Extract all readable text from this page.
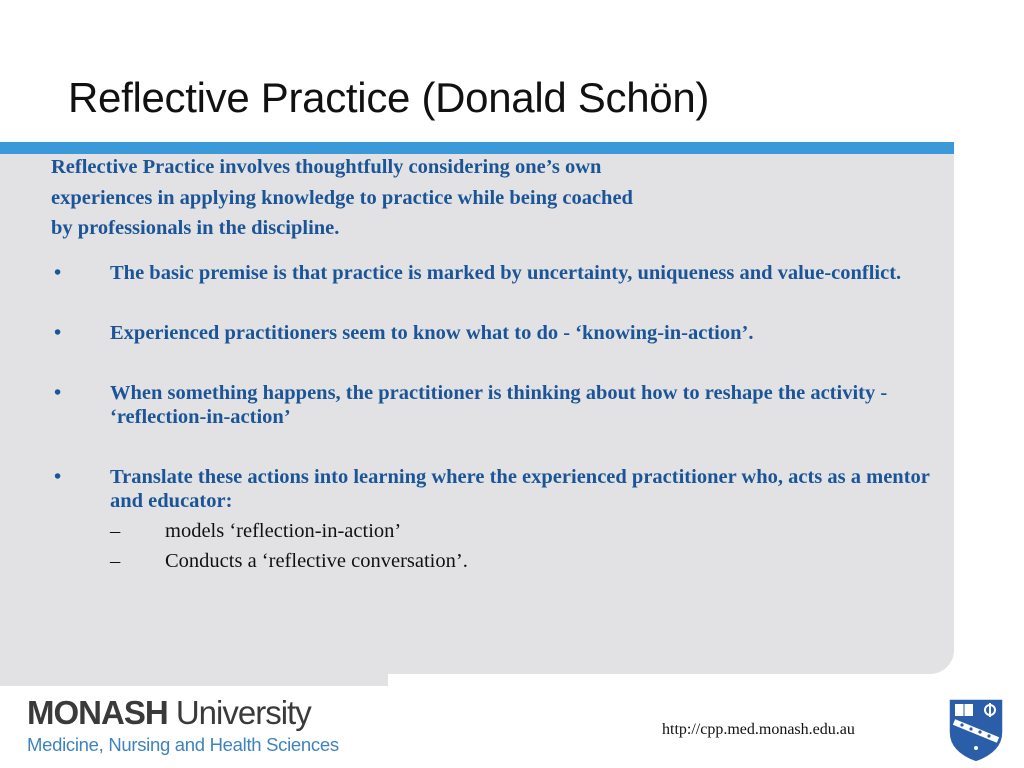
Reflective Practice (Donald Schön)

Reflective Practice involves thoughtfully considering one’s own

experiences in applying knowledge to practice while being coached

by professionals in the discipline.

• The basic premise is that practice is marked by uncertainty, uniqueness and value-conflict.
• Experienced practitioners seem to know what to do - ‘knowing-in-action’.
• When something happens, the practitioner is thinking about how to reshape the activity - ‘reflection-in-action’
• Translate these actions into learning where the experienced practitioner who, acts as a mentor and educator:
– models ‘reflection-in-action’
– Conducts a ‘reflective conversation’.
MONASH University
Medicine, Nursing and Health Sciences
http://cpp.med.monash.edu.au
